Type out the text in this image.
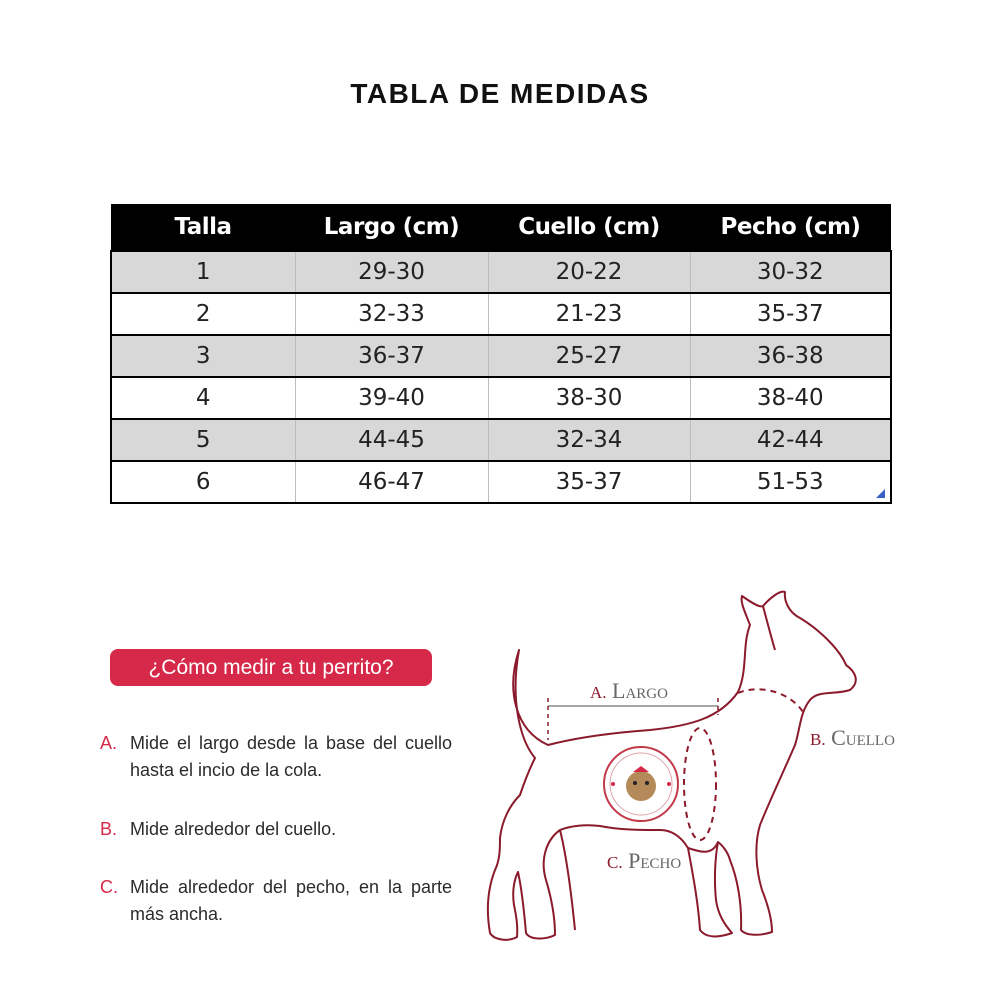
TABLA DE MEDIDAS
Talla	Largo (cm)	Cuello (cm)	Pecho (cm)
1	29-30	20-22	30-32
2	32-33	21-23	35-37
3	36-37	25-27	36-38
4	39-40	38-30	38-40
5	44-45	32-34	42-44
6	46-47	35-37	51-53
¿Cómo medir a tu perrito?
A. Mide el largo desde la base del cuello hasta el incio de la cola.
B. Mide alrededor del cuello.
C. Mide alrededor del pecho, en la parte más ancha.
A. Largo
B. Cuello
C. Pecho
